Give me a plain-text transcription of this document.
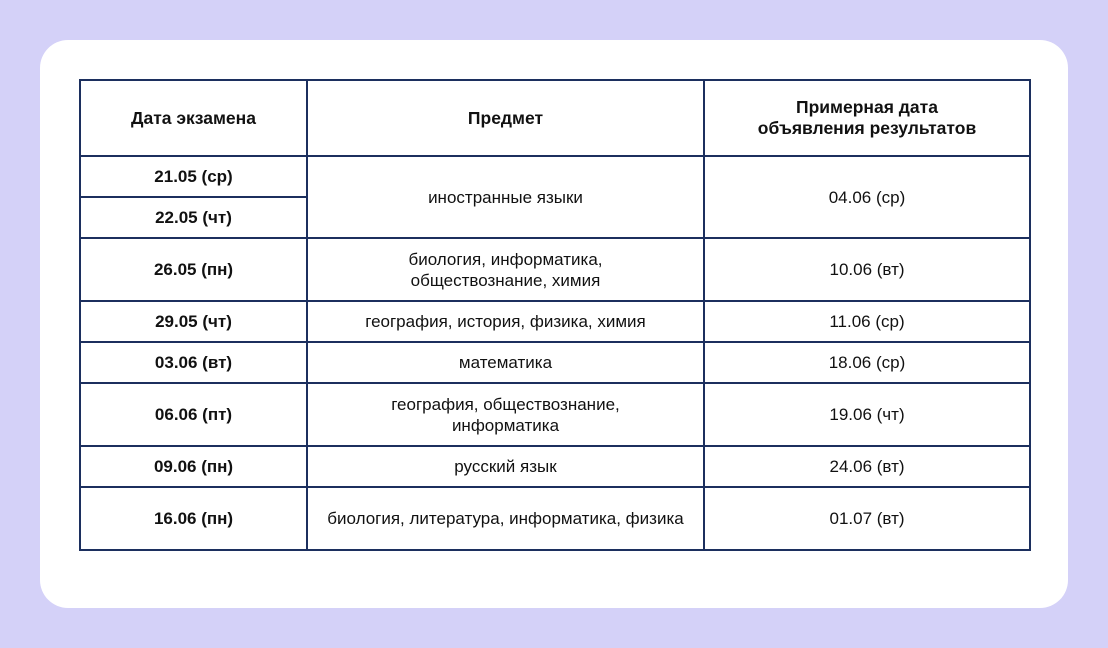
Дата экзамена	Предмет	Примерная дата объявления результатов
21.05 (ср)	иностранные языки	04.06 (ср)
22.05 (чт)		
26.05 (пн)	биология, информатика, обществознание, химия	10.06 (вт)
29.05 (чт)	география, история, физика, химия	11.06 (ср)
03.06 (вт)	математика	18.06 (ср)
06.06 (пт)	география, обществознание, информатика	19.06 (чт)
09.06 (пн)	русский язык	24.06 (вт)
16.06 (пн)	биология, литература, информатика, физика	01.07 (вт)
